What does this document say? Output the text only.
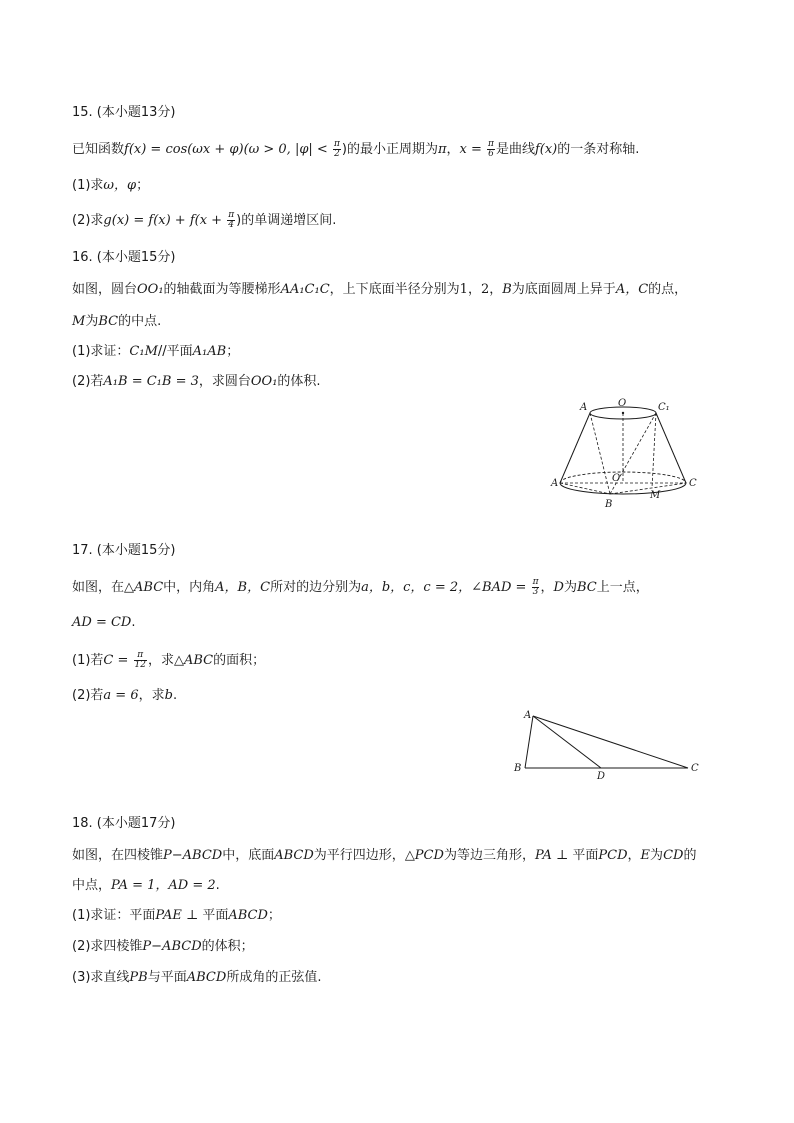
15. (本小题13分)
已知函数f(x) = cos(ωx + φ)(ω > 0, $|\varphi| < \frac{\pi}{2}$ )的最小正周期为π，$x = \frac{\pi}{6}$ 是曲线f(x)的一条对称轴.
(1)求ω，φ；
(2)求$g(x) = f(x) + f(x + \frac{\pi}{4}$ )的单调递增区间.
16. (本小题15分)
如图，圆台OO₁的轴截面为等腰梯形AA₁C₁C，上下底面半径分别为1，2，B为底面圆周上异于A，C的点，
M为BC的中点.
(1)求证：C₁M//平面A₁AB；
(2)若A₁B = C₁B = 3，求圆台OO₁的体积.
A	O	C₁
A	O	C
B
M
17. (本小题15分)
如图，在△ABC中，内角A，B，C所对的边分别为a，b，c，c = 2，∠BAD = $\frac{\pi}{3}$ ，D为BC上一点，
AD = CD.
(1)若$C = \frac{\pi}{12}$ ，求△ABC的面积；
(2)若a = 6，求b.
A
B	C
D
18. (本小题17分)
如图，在四棱锥P−ABCD中，底面ABCD为平行四边形，△PCD为等边三角形，PA ⊥ 平面PCD，E为CD的
中点，PA = 1，AD = 2.
(1)求证：平面PAE ⊥ 平面ABCD；
(2)求四棱锥P−ABCD的体积；
(3)求直线PB与平面ABCD所成角的正弦值.
